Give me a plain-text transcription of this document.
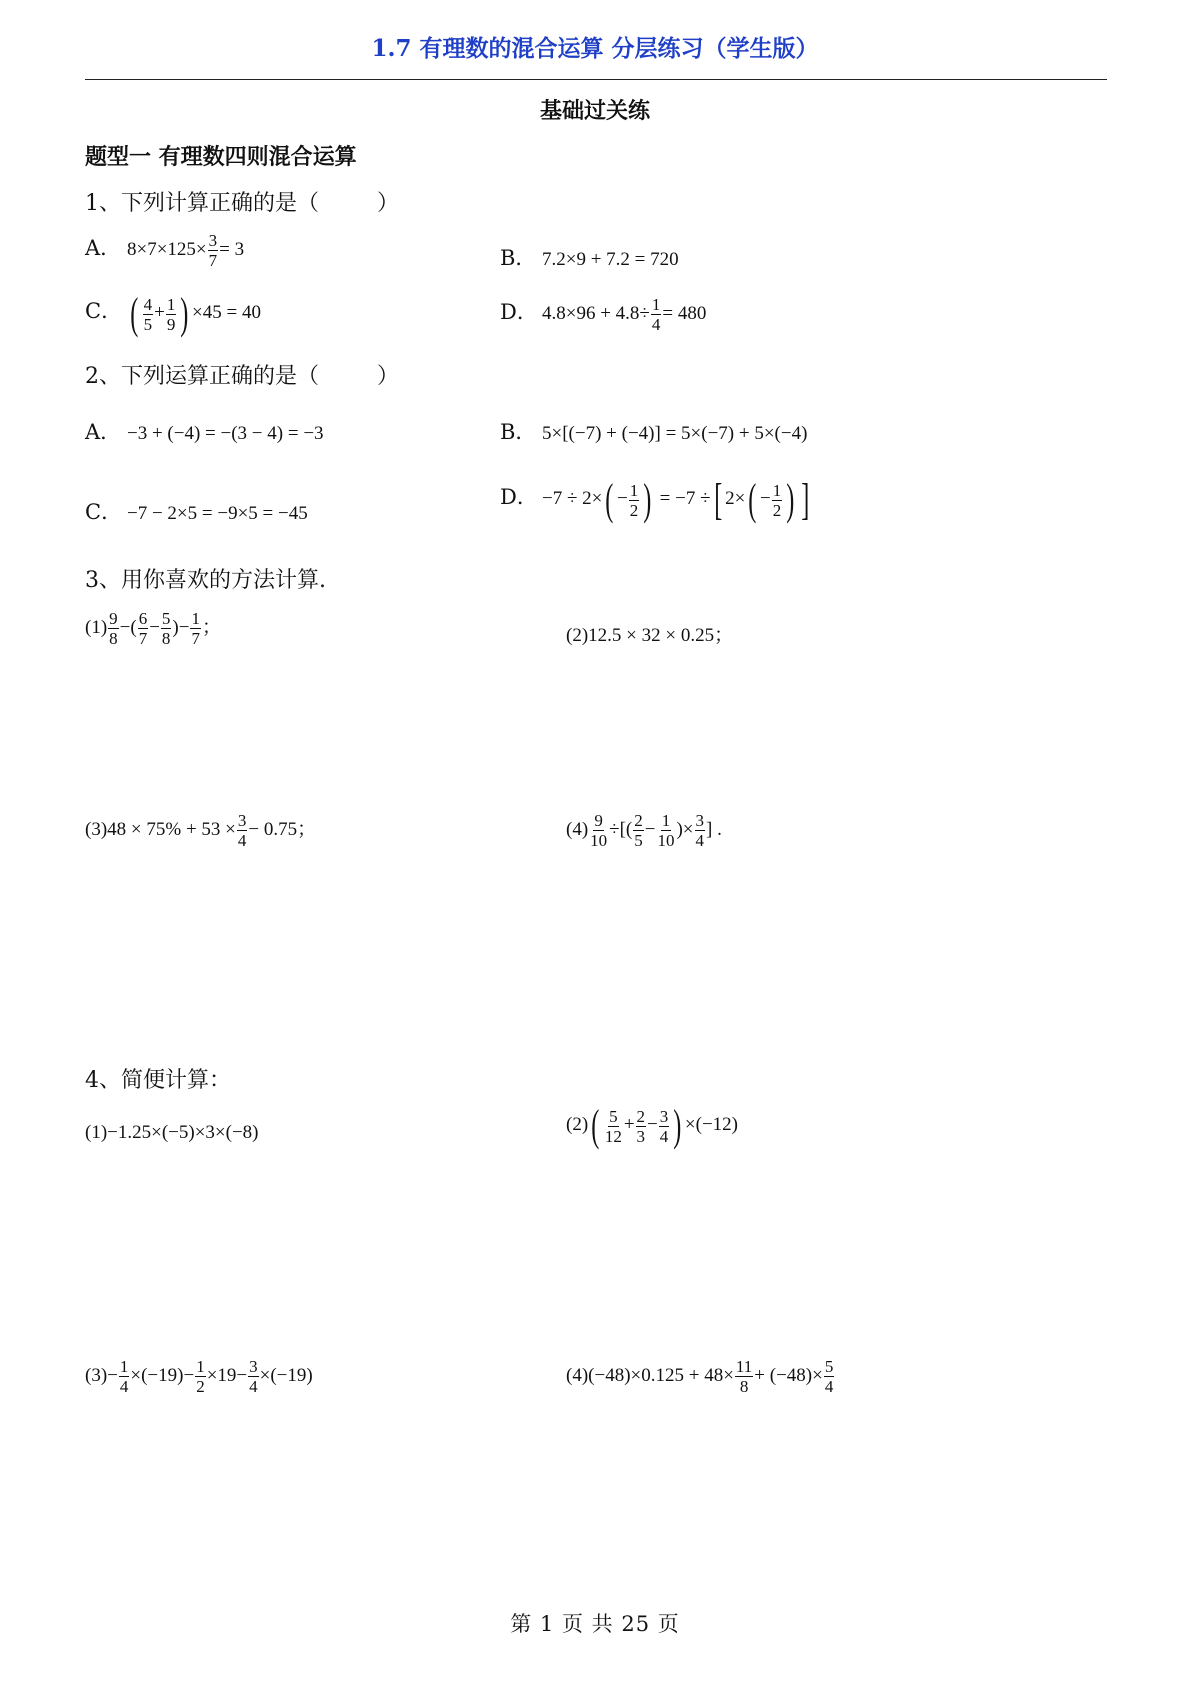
1.7 有理数的混合运算 分层练习（学生版）
基础过关练
题型一 有理数四则混合运算
1、下列计算正确的是（	）
A． $8\times 7\times 125\times \frac{3}{7} = 3$	B． 7.2×9 + 7.2 = 720
C． ( $\frac{4}{5} + \frac{1}{9}$ ) ×45 = 40	D． $4.8\times 96 + 4.8\div \frac{1}{4} = 480$
2、下列运算正确的是（	）
A． −3 + (−4) = −(3 − 4) = −3	B． 5×[(−7) + (−4)] = 5×(−7) + 5×(−4)
C． −7 − 2×5 = −9×5 = −45
D． $-7 \div 2\times( - \frac{1}{2}$ ) = −7 ÷[ $2\times( - \frac{1}{2}$ ) ]
3、用你喜欢的方法计算.
$(1) \frac{9}{8}$ −( $\frac{6}{7} - \frac{5}{8}$ )− $\frac{1}{7}$ ；	(2)12.5 × 32 × 0.25；
$(3)48 \times 75\% + 53 \times \frac{3}{4} - 0.75$；	$(4) \frac{9}{10}$ ÷[( $\frac{2}{5} - \frac{1}{10}$ )× $\frac{3}{4}$ ] .
4、简便计算：
(1)−1.25×(−5)×3×(−8)	$(2)( \frac{5}{12} + \frac{2}{3} - \frac{3}{4}$ ) ×(−12)
$(3)- \frac{1}{4} \times(-19)- \frac{1}{2} \times 19- \frac{3}{4} \times(-19)$	$(4)(-48)\times 0.125 + 48\times \frac{11}{8} + (-48)\times \frac{5}{4}$
第 1 页 共 25 页
